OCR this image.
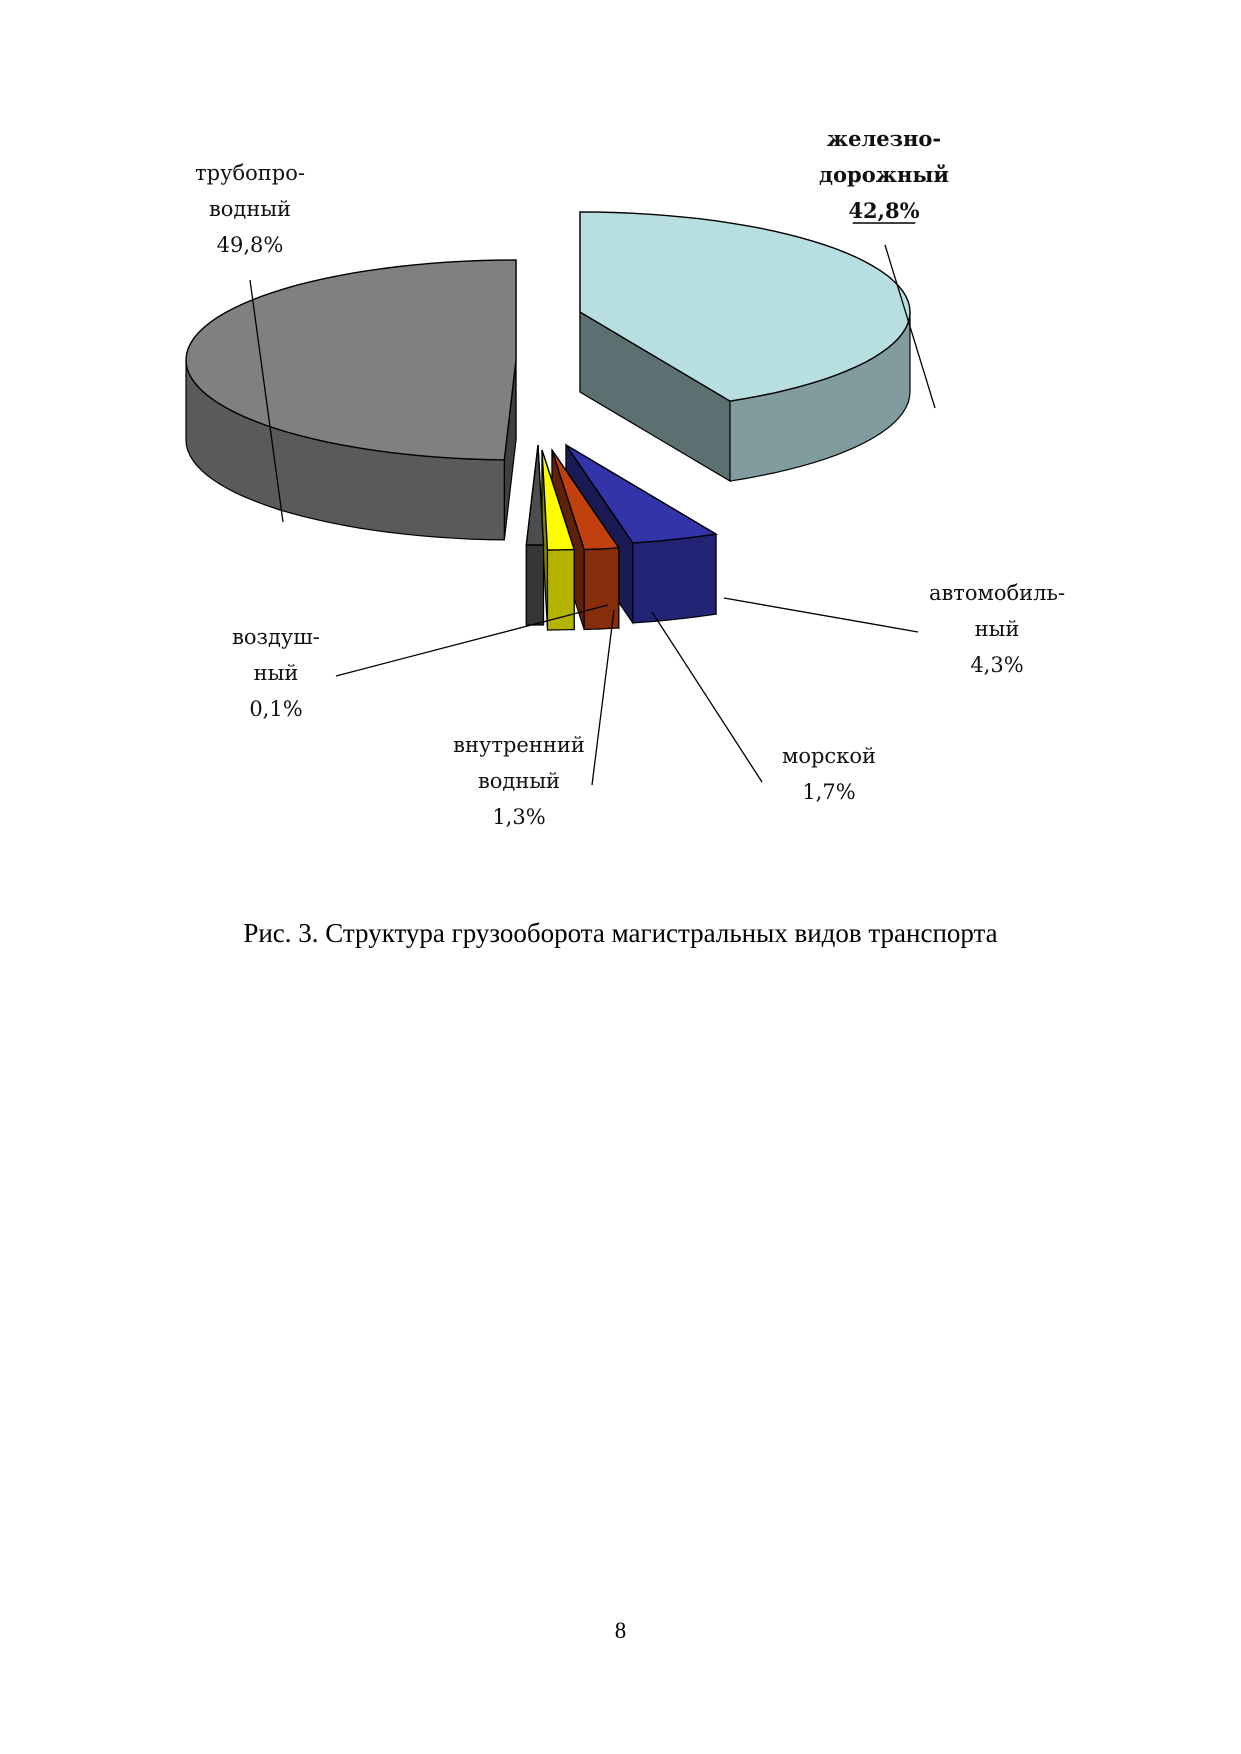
трубопро-
водный
49,8%
железно-
дорожный
42,8%
автомобиль-
ный
4,3%
морской
1,7%
внутренний
водный
1,3%
воздуш-
ный
0,1%
Рис. 3. Структура грузооборота магистральных видов транспорта
8
